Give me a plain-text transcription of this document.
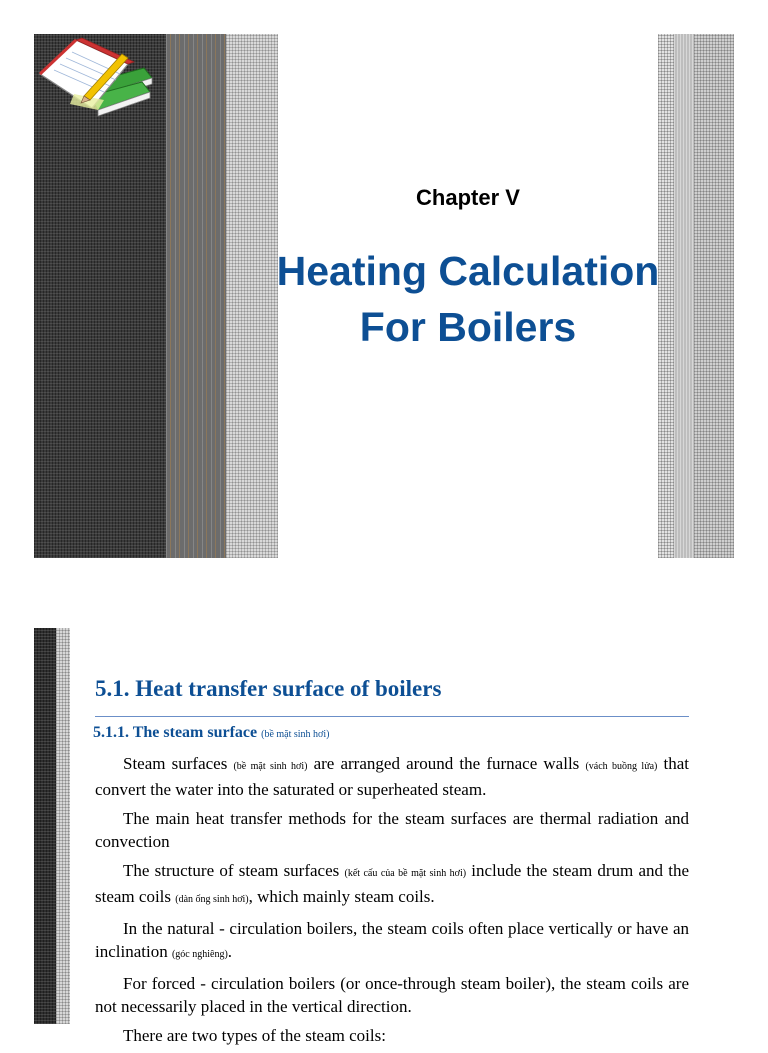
Chapter V
Heating Calculation
For Boilers
5.1. Heat transfer surface of boilers
5.1.1. The steam surface (bề mặt sinh hơi)

Steam surfaces (bề mặt sinh hơi) are arranged around the furnace walls (vách buồng lửa) that convert the water into the saturated or superheated steam.

The main heat transfer methods for the steam surfaces are thermal radiation and convection

The structure of steam surfaces (kết cấu của bề mặt sinh hơi) include the steam drum and the steam coils (dàn ống sinh hơi), which mainly steam coils.

In the natural - circulation boilers, the steam coils often place vertically or have an inclination (góc nghiêng).

For forced - circulation boilers (or once-through steam boiler), the steam coils are not necessarily placed in the vertical direction.

There are two types of the steam coils:
